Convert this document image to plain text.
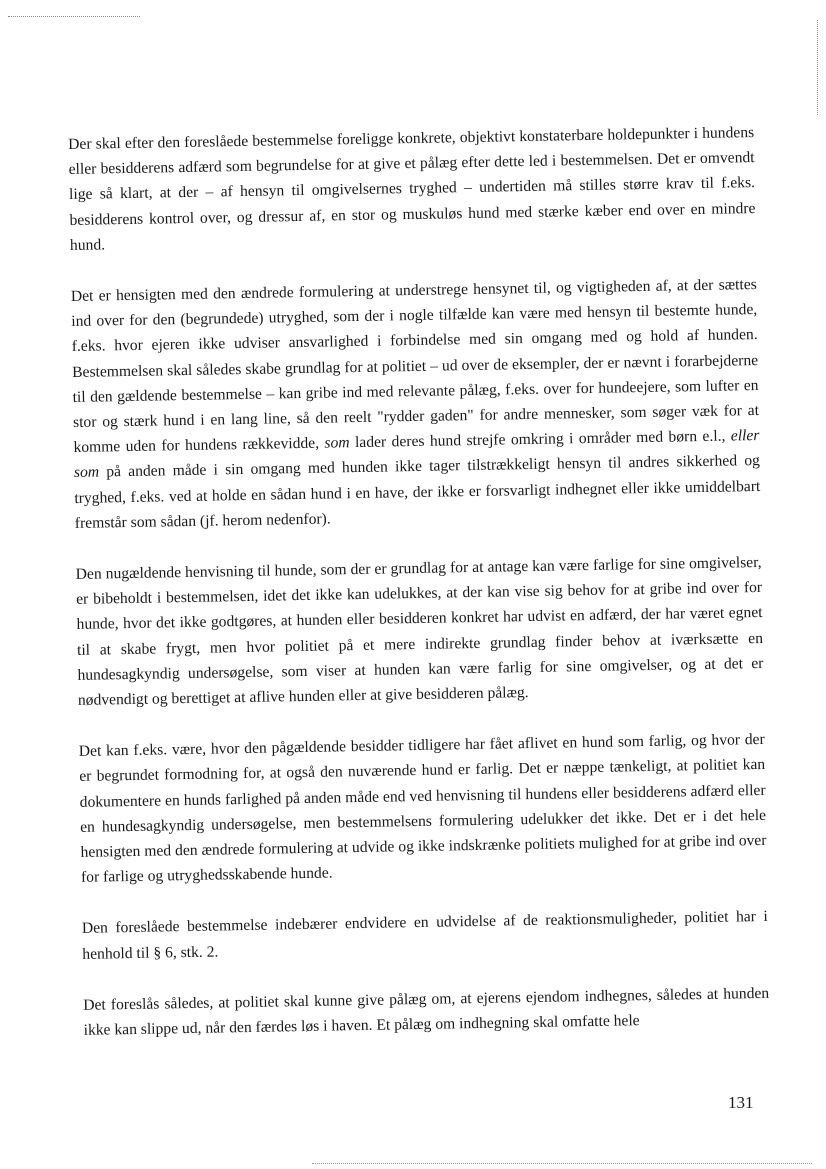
Der skal efter den foreslåede bestemmelse foreligge konkrete, objektivt konstaterbare holdepunkter i hundens eller besidderens adfærd som begrundelse for at give et pålæg efter dette led i bestemmelsen. Det er omvendt lige så klart, at der – af hensyn til omgivelsernes tryghed – undertiden må stilles større krav til f.eks. besidderens kontrol over, og dressur af, en stor og muskuløs hund med stærke kæber end over en mindre hund.

Det er hensigten med den ændrede formulering at understrege hensynet til, og vigtigheden af, at der sættes ind over for den (begrundede) utryghed, som der i nogle tilfælde kan være med hensyn til bestemte hunde, f.eks. hvor ejeren ikke udviser ansvarlighed i forbindelse med sin omgang med og hold af hunden. Bestemmelsen skal således skabe grundlag for at politiet – ud over de eksempler, der er nævnt i forarbejderne til den gældende bestemmelse – kan gribe ind med relevante pålæg, f.eks. over for hundeejere, som lufter en stor og stærk hund i en lang line, så den reelt "rydder gaden" for andre mennesker, som søger væk for at komme uden for hundens rækkevidde, som lader deres hund strejfe omkring i områder med børn e.l., eller som på anden måde i sin omgang med hunden ikke tager tilstrækkeligt hensyn til andres sikkerhed og tryghed, f.eks. ved at holde en sådan hund i en have, der ikke er forsvarligt indhegnet eller ikke umiddelbart fremstår som sådan (jf. herom nedenfor).

Den nugældende henvisning til hunde, som der er grundlag for at antage kan være farlige for sine omgivelser, er bibeholdt i bestemmelsen, idet det ikke kan udelukkes, at der kan vise sig behov for at gribe ind over for hunde, hvor det ikke godtgøres, at hunden eller besidderen konkret har udvist en adfærd, der har været egnet til at skabe frygt, men hvor politiet på et mere indirekte grundlag finder behov at iværksætte en hundesagkyndig undersøgelse, som viser at hunden kan være farlig for sine omgivelser, og at det er nødvendigt og berettiget at aflive hunden eller at give besidderen pålæg.

Det kan f.eks. være, hvor den pågældende besidder tidligere har fået aflivet en hund som farlig, og hvor der er begrundet formodning for, at også den nuværende hund er farlig. Det er næppe tænkeligt, at politiet kan dokumentere en hunds farlighed på anden måde end ved henvisning til hundens eller besidderens adfærd eller en hundesagkyndig undersøgelse, men bestemmelsens formulering udelukker det ikke. Det er i det hele hensigten med den ændrede formulering at udvide og ikke indskrænke politiets mulighed for at gribe ind over for farlige og utryghedsskabende hunde.

Den foreslåede bestemmelse indebærer endvidere en udvidelse af de reaktionsmuligheder, politiet har i henhold til § 6, stk. 2.

Det foreslås således, at politiet skal kunne give pålæg om, at ejerens ejendom indhegnes, således at hunden ikke kan slippe ud, når den færdes løs i haven. Et pålæg om indhegning skal omfatte hele

131
